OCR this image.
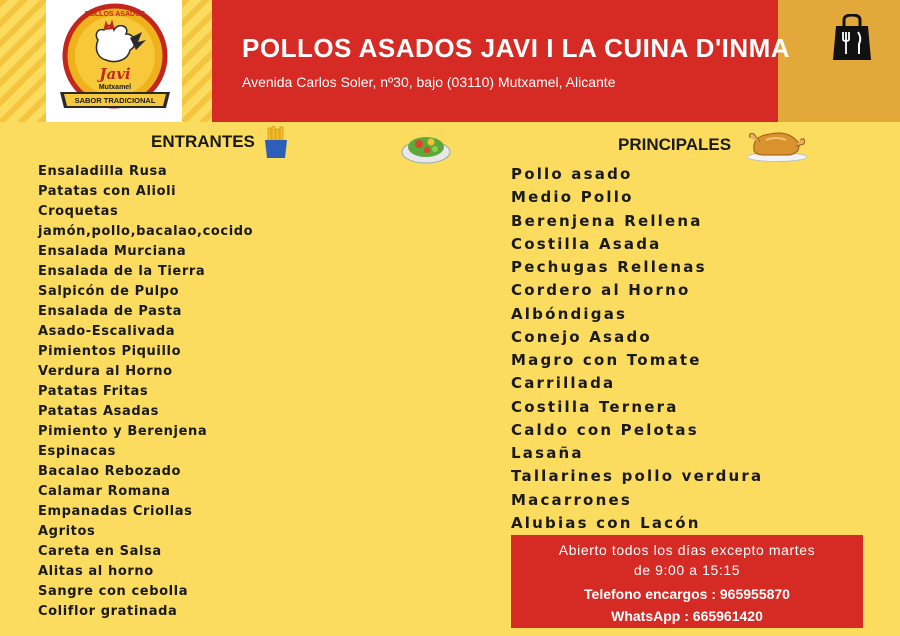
POLLOS ASADOS
Javi
Mutxamel
SABOR TRADICIONAL
POLLOS ASADOS JAVI I LA CUINA D'INMA
Avenida Carlos Soler, nº30, bajo (03110) Mutxamel, Alicante
ENTRANTES
Ensaladilla Rusa
Patatas con Alioli
Croquetas
jamón,pollo,bacalao,cocido
Ensalada Murciana
Ensalada de la Tierra
Salpicón de Pulpo
Ensalada de Pasta
Asado-Escalivada
Pimientos Piquillo
Verdura al Horno
Patatas Fritas
Patatas Asadas
Pimiento y Berenjena
Espinacas
Bacalao Rebozado
Calamar Romana
Empanadas Criollas
Agritos
Careta en Salsa
Alitas al horno
Sangre con cebolla
Coliflor gratinada
PRINCIPALES
Pollo asado
Medio Pollo
Berenjena Rellena
Costilla Asada
Pechugas Rellenas
Cordero al Horno
Albóndigas
Conejo Asado
Magro con Tomate
Carrillada
Costilla Ternera
Caldo con Pelotas
Lasaña
Tallarines pollo verdura
Macarrones
Alubias con Lacón
Abierto todos los días excepto martes
de 9:00 a 15:15
Telefono encargos : 965955870
WhatsApp : 665961420
